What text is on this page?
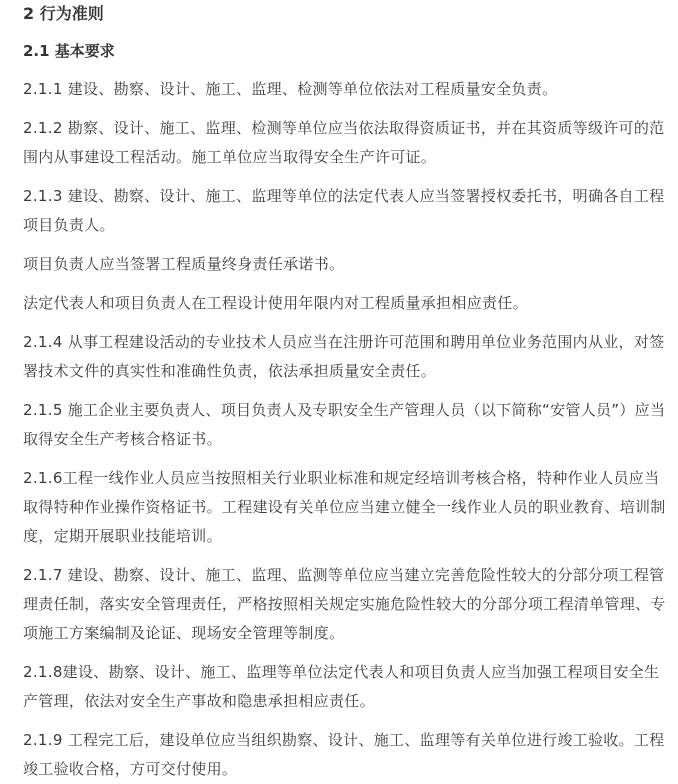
2 行为准则
2.1 基本要求

2.1.1 建设、勘察、设计、施工、监理、检测等单位依法对工程质量安全负责。

2.1.2 勘察、设计、施工、监理、检测等单位应当依法取得资质证书，并在其资质等级许可的范围内从事建设工程活动。施工单位应当取得安全生产许可证。

2.1.3 建设、勘察、设计、施工、监理等单位的法定代表人应当签署授权委托书，明确各自工程项目负责人。

项目负责人应当签署工程质量终身责任承诺书。

法定代表人和项目负责人在工程设计使用年限内对工程质量承担相应责任。

2.1.4 从事工程建设活动的专业技术人员应当在注册许可范围和聘用单位业务范围内从业，对签署技术文件的真实性和准确性负责，依法承担质量安全责任。

2.1.5 施工企业主要负责人、项目负责人及专职安全生产管理人员（以下简称“安管人员”）应当取得安全生产考核合格证书。

2.1.6工程一线作业人员应当按照相关行业职业标准和规定经培训考核合格，特种作业人员应当取得特种作业操作资格证书。工程建设有关单位应当建立健全一线作业人员的职业教育、培训制度，定期开展职业技能培训。

2.1.7 建设、勘察、设计、施工、监理、监测等单位应当建立完善危险性较大的分部分项工程管理责任制，落实安全管理责任，严格按照相关规定实施危险性较大的分部分项工程清单管理、专项施工方案编制及论证、现场安全管理等制度。

2.1.8建设、勘察、设计、施工、监理等单位法定代表人和项目负责人应当加强工程项目安全生产管理，依法对安全生产事故和隐患承担相应责任。

2.1.9 工程完工后，建设单位应当组织勘察、设计、施工、监理等有关单位进行竣工验收。工程竣工验收合格，方可交付使用。
